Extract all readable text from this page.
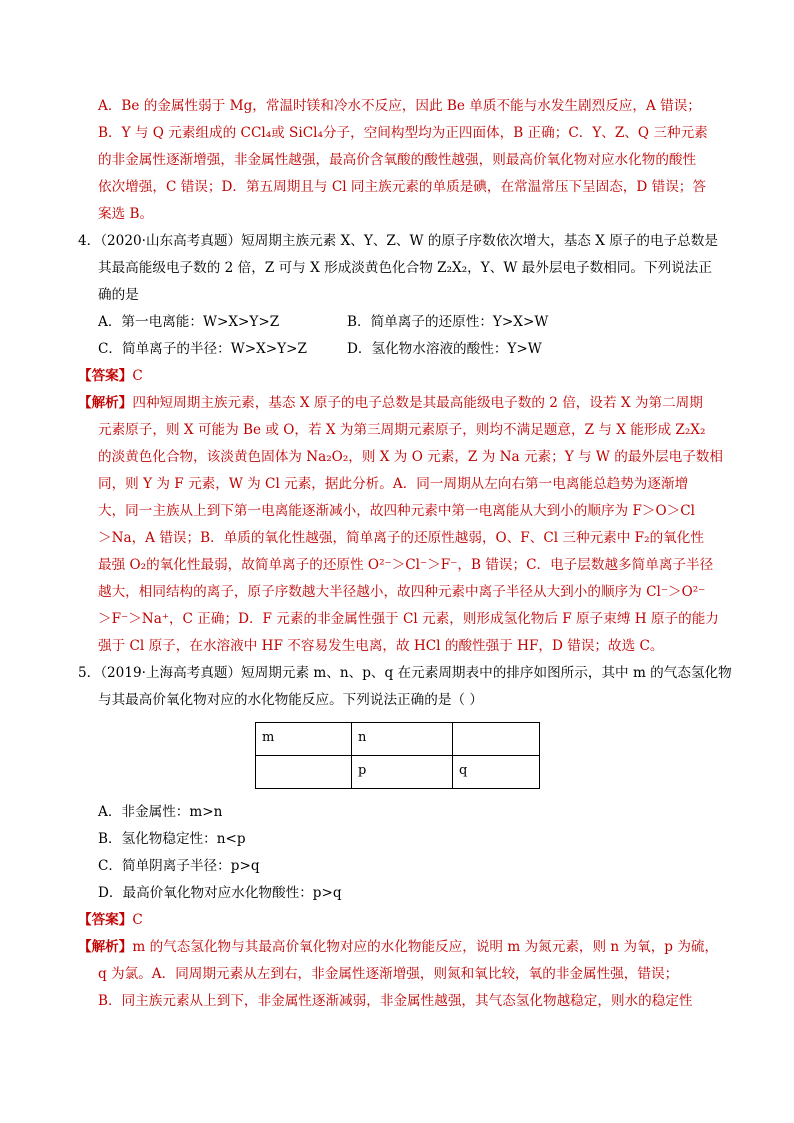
A．Be 的金属性弱于 Mg，常温时镁和冷水不反应，因此 Be 单质不能与水发生剧烈反应，A 错误；
B．Y 与 Q 元素组成的 CCl₄或 SiCl₄分子，空间构型均为正四面体，B 正确；C．Y、Z、Q 三种元素
的非金属性逐渐增强，非金属性越强，最高价含氧酸的酸性越强，则最高价氧化物对应水化物的酸性
依次增强，C 错误；D．第五周期且与 Cl 同主族元素的单质是碘，在常温常压下呈固态，D 错误；答
案选 B。
4．（2020·山东高考真题）短周期主族元素 X、Y、Z、W 的原子序数依次增大，基态 X 原子的电子总数是
其最高能级电子数的 2 倍，Z 可与 X 形成淡黄色化合物 Z₂X₂，Y、W 最外层电子数相同。下列说法正
确的是
A．第一电离能：W>X>Y>Z	B．简单离子的还原性：Y>X>W
C．简单离子的半径：W>X>Y>Z	D．氢化物水溶液的酸性：Y>W
【答案】C
【解析】四种短周期主族元素，基态 X 原子的电子总数是其最高能级电子数的 2 倍，设若 X 为第二周期
元素原子，则 X 可能为 Be 或 O，若 X 为第三周期元素原子，则均不满足题意，Z 与 X 能形成 Z₂X₂
的淡黄色化合物，该淡黄色固体为 Na₂O₂，则 X 为 O 元素，Z 为 Na 元素；Y 与 W 的最外层电子数相
同，则 Y 为 F 元素，W 为 Cl 元素，据此分析。A．同一周期从左向右第一电离能总趋势为逐渐增
大，同一主族从上到下第一电离能逐渐减小，故四种元素中第一电离能从大到小的顺序为 F＞O＞Cl
＞Na，A 错误；B．单质的氧化性越强，简单离子的还原性越弱，O、F、Cl 三种元素中 F₂的氧化性
最强 O₂的氧化性最弱，故简单离子的还原性 O²⁻＞Cl⁻＞F⁻，B 错误；C．电子层数越多简单离子半径
越大，相同结构的离子，原子序数越大半径越小，故四种元素中离子半径从大到小的顺序为 Cl⁻＞O²⁻
＞F⁻＞Na⁺，C 正确；D．F 元素的非金属性强于 Cl 元素，则形成氢化物后 F 原子束缚 H 原子的能力
强于 Cl 原子，在水溶液中 HF 不容易发生电离，故 HCl 的酸性强于 HF，D 错误；故选 C。
5．（2019·上海高考真题）短周期元素 m、n、p、q 在元素周期表中的排序如图所示，其中 m 的气态氢化物
与其最高价氧化物对应的水化物能反应。下列说法正确的是（ ）
m	n	
	p	q
A．非金属性：m>n
B．氢化物稳定性：n<p
C．简单阴离子半径：p>q
D．最高价氧化物对应水化物酸性：p>q
【答案】C
【解析】m 的气态氢化物与其最高价氧化物对应的水化物能反应，说明 m 为氮元素，则 n 为氧，p 为硫，
q 为氯。A．同周期元素从左到右，非金属性逐渐增强，则氮和氧比较，氧的非金属性强，错误；
B．同主族元素从上到下，非金属性逐渐减弱，非金属性越强，其气态氢化物越稳定，则水的稳定性
